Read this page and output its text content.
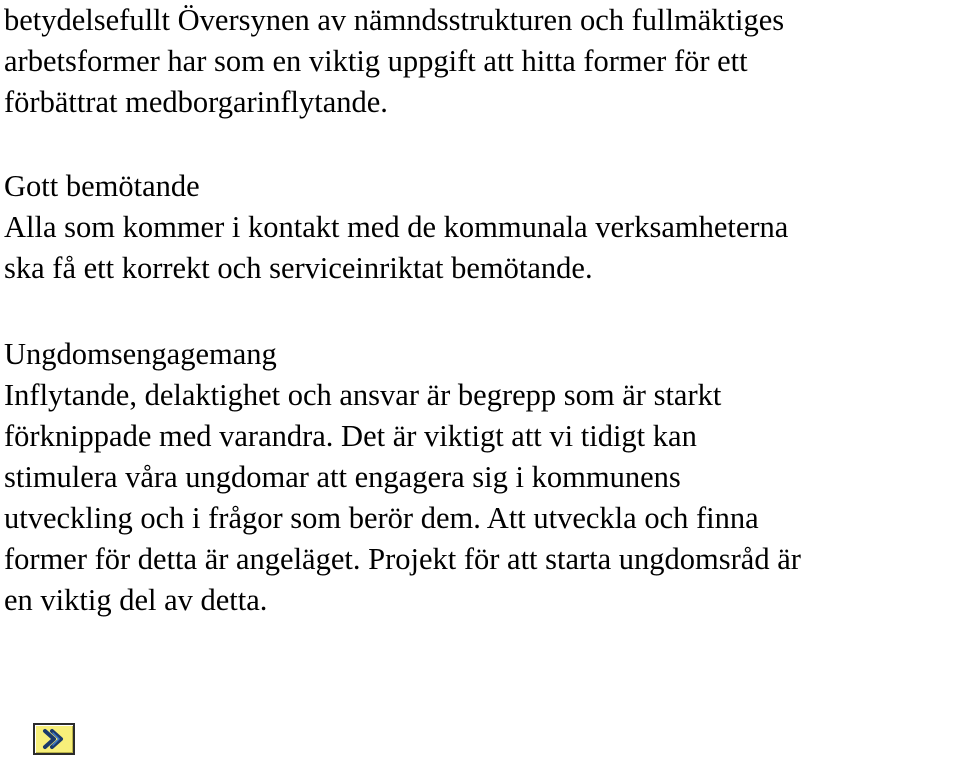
betydelsefullt Översynen av nämndsstrukturen och fullmäktiges
arbetsformer har som en viktig uppgift att hitta former för ett
förbättrat medborgarinflytande.
Gott bemötande
Alla som kommer i kontakt med de kommunala verksamheterna
ska få ett korrekt och serviceinriktat bemötande.
Ungdomsengagemang
Inflytande, delaktighet och ansvar är begrepp som är starkt
förknippade med varandra. Det är viktigt att vi tidigt kan
stimulera våra ungdomar att engagera sig i kommunens
utveckling och i frågor som berör dem. Att utveckla och finna
former för detta är angeläget. Projekt för att starta ungdomsråd är
en viktig del av detta.
